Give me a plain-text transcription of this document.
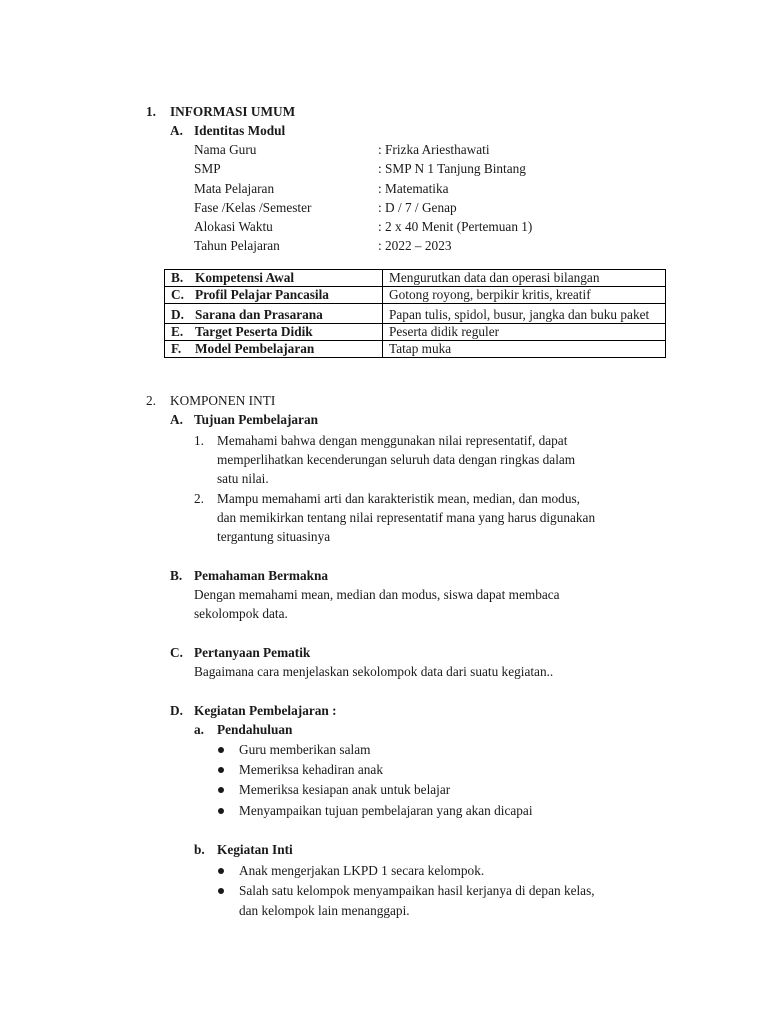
1. INFORMASI UMUM
A. Identitas Modul
Nama Guru	: Frizka Ariesthawati
SMP	: SMP N 1 Tanjung Bintang
Mata Pelajaran	: Matematika
Fase /Kelas /Semester	: D / 7 / Genap
Alokasi Waktu	: 2 x 40 Menit (Pertemuan 1)
Tahun Pelajaran	: 2022 – 2023
B. Kompetensi Awal	Mengurutkan data dan operasi bilangan
C. Profil Pelajar Pancasila	Gotong royong, berpikir kritis, kreatif
D. Sarana dan Prasarana	Papan tulis, spidol, busur, jangka dan buku paket
E. Target Peserta Didik	Peserta didik reguler
F. Model Pembelajaran	Tatap muka
2. KOMPONEN INTI
A. Tujuan Pembelajaran
1. Memahami bahwa dengan menggunakan nilai representatif, dapat
memperlihatkan kecenderungan seluruh data dengan ringkas dalam
satu nilai.
2. Mampu memahami arti dan karakteristik mean, median, dan modus,
dan memikirkan tentang nilai representatif mana yang harus digunakan
tergantung situasinya
B. Pemahaman Bermakna
Dengan memahami mean, median dan modus, siswa dapat membaca
sekolompok data.
C. Pertanyaan Pematik
Bagaimana cara menjelaskan sekolompok data dari suatu kegiatan..
D. Kegiatan Pembelajaran :
a. Pendahuluan
Guru memberikan salam
Memeriksa kehadiran anak
Memeriksa kesiapan anak untuk belajar
Menyampaikan tujuan pembelajaran yang akan dicapai
b. Kegiatan Inti
Anak mengerjakan LKPD 1 secara kelompok.
Salah satu kelompok menyampaikan hasil kerjanya di depan kelas,
dan kelompok lain menanggapi.
